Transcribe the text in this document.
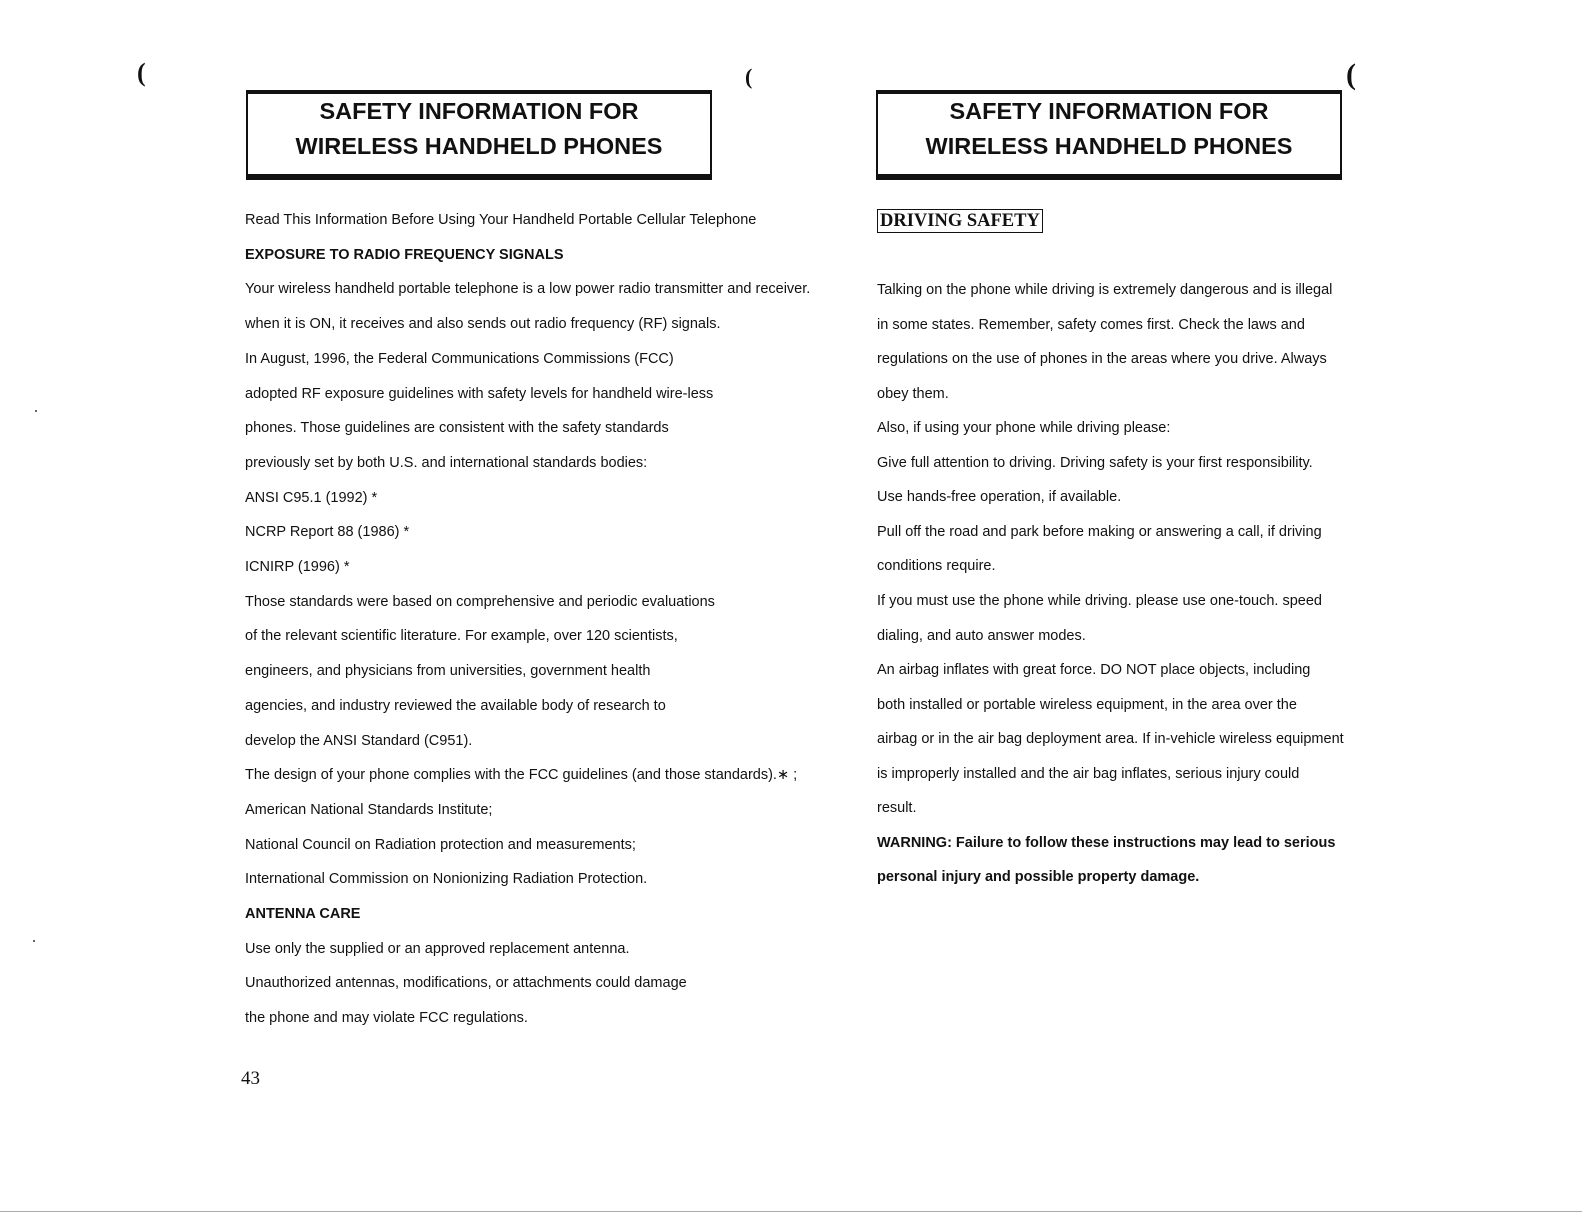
(	(
SAFETY INFORMATION FOR
WIRELESS HANDHELD PHONES
Read This Information Before Using Your Handheld Portable Cellular Telephone
EXPOSURE TO RADIO FREQUENCY SIGNALS
Your wireless handheld portable telephone is a low power radio transmitter and receiver.
when it is ON, it receives and also sends out radio frequency (RF) signals.
In August, 1996, the Federal Communications Commissions (FCC)
adopted RF exposure guidelines with safety levels for handheld wire-less
phones. Those guidelines are consistent with the safety standards
previously set by both U.S. and international standards bodies:
ANSI C95.1 (1992) *
NCRP Report 88 (1986) *
ICNIRP (1996) *
Those standards were based on comprehensive and periodic evaluations
of the relevant scientific literature. For example, over 120 scientists,
engineers, and physicians from universities, government health
agencies, and industry reviewed the available body of research to
develop the ANSI Standard (C951).
The design of your phone complies with the FCC guidelines (and those standards).∗ ;
American National Standards Institute;
National Council on Radiation protection and measurements;
International Commission on Nonionizing Radiation Protection.
ANTENNA CARE
Use only the supplied or an approved replacement antenna.
Unauthorized antennas, modifications, or attachments could damage
the phone and may violate FCC regulations.
43
(
SAFETY INFORMATION FOR
WIRELESS HANDHELD PHONES
DRIVING SAFETY
Talking on the phone while driving is extremely dangerous and is illegal
in some states. Remember, safety comes first. Check the laws and
regulations on the use of phones in the areas where you drive. Always
obey them.
Also, if using your phone while driving please:
Give full attention to driving. Driving safety is your first responsibility.
Use hands-free operation, if available.
Pull off the road and park before making or answering a call, if driving
conditions require.
If you must use the phone while driving. please use one-touch. speed
dialing, and auto answer modes.
An airbag inflates with great force. DO NOT place objects, including
both installed or portable wireless equipment, in the area over the
airbag or in the air bag deployment area. If in-vehicle wireless equipment
is improperly installed and the air bag inflates, serious injury could
result.
WARNING: Failure to follow these instructions may lead to serious
personal injury and possible property damage.
